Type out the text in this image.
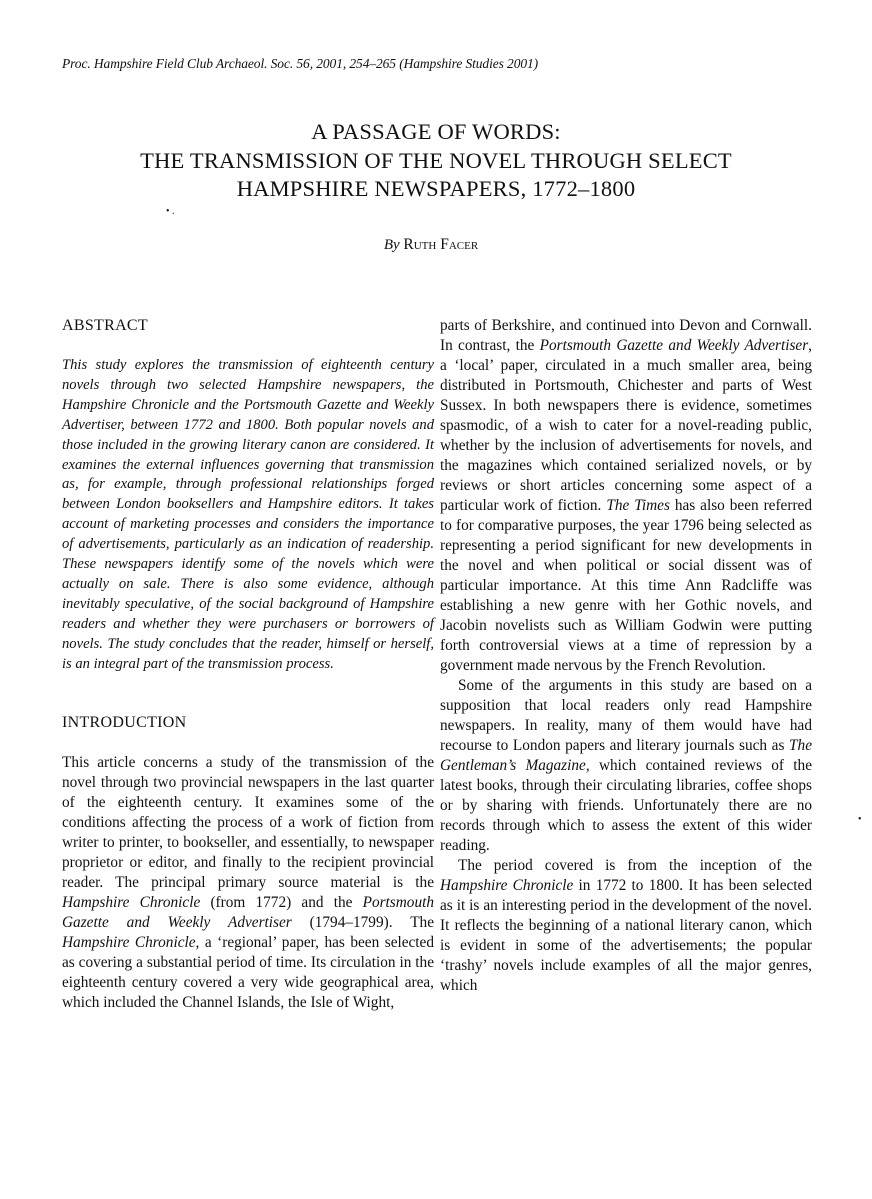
Proc. Hampshire Field Club Archaeol. Soc. 56, 2001, 254–265 (Hampshire Studies 2001)
A PASSAGE OF WORDS:
THE TRANSMISSION OF THE NOVEL THROUGH SELECT
HAMPSHIRE NEWSPAPERS, 1772–1800
• .
By Ruth Facer
ABSTRACT

This study explores the transmission of eighteenth century novels through two selected Hampshire newspapers, the Hampshire Chronicle and the Portsmouth Gazette and Weekly Advertiser, between 1772 and 1800. Both popular novels and those included in the growing literary canon are considered. It examines the external influences governing that transmission as, for example, through professional relationships forged between London booksellers and Hampshire editors. It takes account of marketing processes and considers the importance of advertisements, particularly as an indication of readership. These newspapers identify some of the novels which were actually on sale. There is also some evidence, although inevitably speculative, of the social background of Hampshire readers and whether they were purchasers or borrowers of novels. The study concludes that the reader, himself or herself, is an integral part of the transmission process.

INTRODUCTION

This article concerns a study of the transmission of the novel through two provincial newspapers in the last quarter of the eighteenth century. It examines some of the conditions affecting the process of a work of fiction from writer to printer, to bookseller, and essentially, to newspaper proprietor or editor, and finally to the recipient provincial reader. The principal primary source material is the Hampshire Chronicle (from 1772) and the Portsmouth Gazette and Weekly Advertiser (1794–1799). The Hampshire Chronicle, a ‘regional’ paper, has been selected as covering a substantial period of time. Its circulation in the eighteenth century covered a very wide geographical area, which included the Channel Islands, the Isle of Wight,

parts of Berkshire, and continued into Devon and Cornwall. In contrast, the Portsmouth Gazette and Weekly Advertiser, a ‘local’ paper, circulated in a much smaller area, being distributed in Portsmouth, Chichester and parts of West Sussex. In both newspapers there is evidence, sometimes spasmodic, of a wish to cater for a novel-reading public, whether by the inclusion of advertisements for novels, and the magazines which contained serialized novels, or by reviews or short articles concerning some aspect of a particular work of fiction. The Times has also been referred to for comparative purposes, the year 1796 being selected as representing a period significant for new developments in the novel and when political or social dissent was of particular importance. At this time Ann Radcliffe was establishing a new genre with her Gothic novels, and Jacobin novelists such as William Godwin were putting forth controversial views at a time of repression by a government made nervous by the French Revolution.

Some of the arguments in this study are based on a supposition that local readers only read Hampshire newspapers. In reality, many of them would have had recourse to London papers and literary journals such as The Gentleman’s Magazine, which contained reviews of the latest books, through their circulating libraries, coffee shops or by sharing with friends. Unfortunately there are no records through which to assess the extent of this wider reading.

The period covered is from the inception of the Hampshire Chronicle in 1772 to 1800. It has been selected as it is an interesting period in the development of the novel. It reflects the beginning of a national literary canon, which is evident in some of the advertisements; the popular ‘trashy’ novels include examples of all the major genres, which

•
